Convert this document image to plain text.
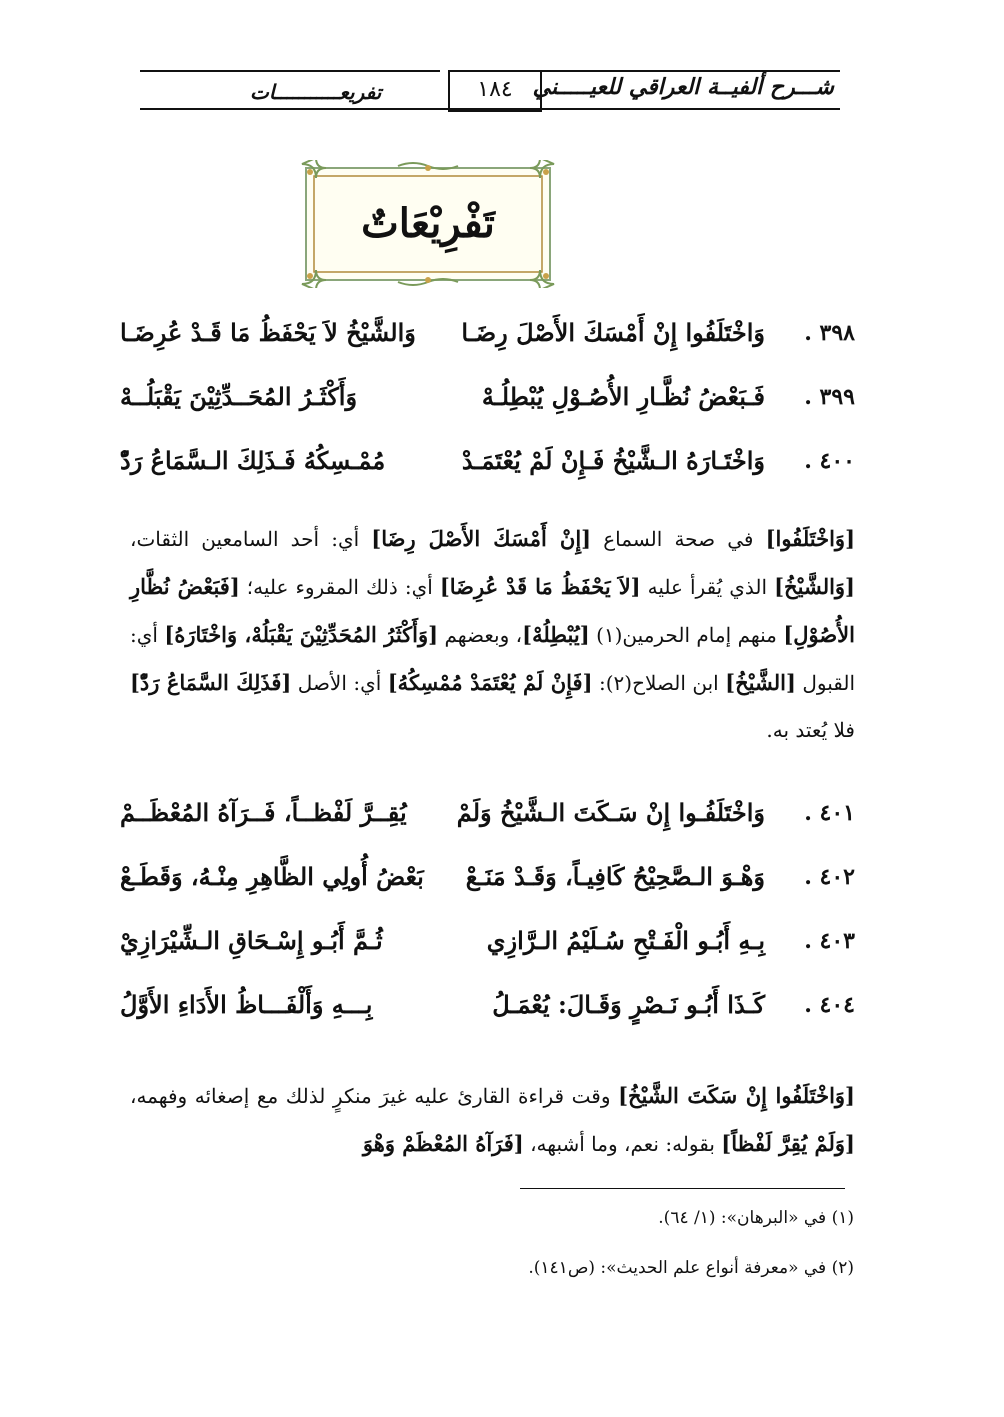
شـــرح ألفيــة العراقي للعيـــــني
١٨٤
تفريعـــــــــــات
تَفْرِيْعَاتٌ
٣٩٨ .
وَاخْتَلَفُوا إِنْ أَمْسَكَ الأَصْلَ رِضَـا
وَالشَّيْخُ لاَ يَحْفَظُ مَا قَـدْ عُرِضَـا
٣٩٩ .
فَـبَعْضُ نُظَّـارِ الأُصُـوْلِ يُبْطِلُـهْ
وَأَكْثَـرُ المُحَــدِّثِيْنَ يَقْبَلُــهْ
٤٠٠ .
وَاخْتَـارَهُ الـشَّيْخُ فَـإِنْ لَمْ يُعْتَمَـدْ
مُمْـسِكُهُ فَـذَلِكَ الـسَّمَاعُ رَدّْ
[وَاخْتَلَفُوا] في صحة السماع [إِنْ أَمْسَكَ الأَصْلَ رِضَا] أي: أحد السامعين الثقات، [وَالشَّيْخُ] الذي يُقرأ عليه [لاَ يَحْفَظُ مَا قَدْ عُرِضَا] أي: ذلك المقروء عليه؛ [فَبَعْضُ نُظَّارِ الأُصُوْلِ] منهم إمام الحرمين(١) [يُبْطِلُهْ]، وبعضهم [وَأَكْثَرُ المُحَدِّثِيْنَ يَقْبَلُهْ، وَاخْتَارَهُ] أي: القبول [الشَّيْخُ] ابن الصلاح(٢): [فَإِنْ لَمْ يُعْتَمَدْ مُمْسِكُهُ] أي: الأصل [فَذَلِكَ السَّمَاعُ رَدّْ] فلا يُعتد به.
٤٠١ .
وَاخْتَلَفُـوا إِنْ سَـكَتَ الـشَّيْخُ وَلَمْ
يُقِــرَّ لَفْظــاً، فَــرَآهُ المُعْظَــمْ
٤٠٢ .
وَهْـوَ الـصَّحِيْحُ كَافِيـاً، وَقَـدْ مَنَـعْ
بَعْضُ أُولِي الظَّاهِرِ مِنْـهُ، وَقَطَـعْ
٤٠٣ .
بِـهِ أَبُـو الْفَـتْحِ سُـلَيْمُ الـرَّازِي
ثُـمَّ أَبُـو إِسْـحَاقِ الـشِّيْرَازِيْ
٤٠٤ .
كَـذَا أَبُـو نَـصْرٍ وَقَـالَ: يُعْمَـلُ
بِـــهِ وَأَلْفَـــاظُ الأَدَاءِ الأَوَّلُ
[وَاخْتَلَفُوا إِنْ سَكَتَ الشَّيْخُ] وقت قراءة القارئ عليه غيرَ منكرٍ لذلك مع إصغائه وفهمه، [وَلَمْ يُقِرَّ لَفْظاً] بقوله: نعم، وما أشبهه، [فَرَآهُ المُعْظَمْ وَهْوَ
(١) في «البرهان»: (١/ ٦٤).
(٢) في «معرفة أنواع علم الحديث»: (ص١٤١).
